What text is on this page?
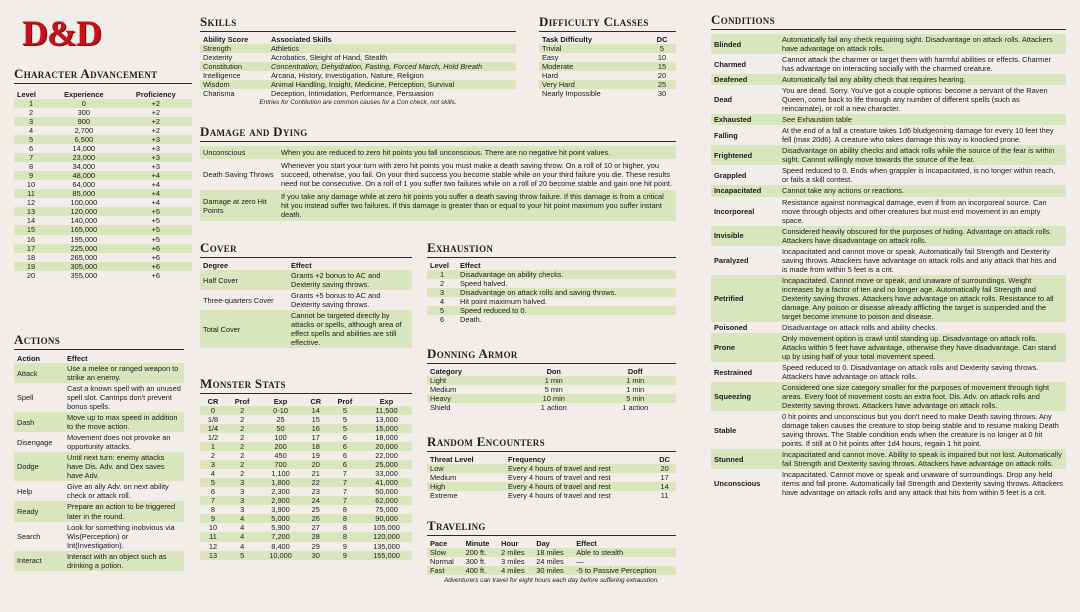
D&D
Character Advancement
Level	Experience	Proficiency
1	0	+2
2	300	+2
3	900	+2
4	2,700	+2
5	6,500	+3
6	14,000	+3
7	23,000	+3
8	34,000	+3
9	48,000	+4
10	64,000	+4
11	85,000	+4
12	100,000	+4
13	120,000	+5
14	140,000	+5
15	165,000	+5
16	195,000	+5
17	225,000	+6
18	265,000	+6
19	305,000	+6
20	355,000	+6
Actions
Action	Effect
Attack	Use a melee or ranged weapon to strike an enemy.
Spell	Cast a known spell with an unused spell slot. Cantrips don't prevent bonus spells.
Dash	Move up to max speed in addition to the move action.
Disengage	Movement does not provoke an opportunity attacks.
Dodge	Until next turn: enemy attacks have Dis. Adv. and Dex saves have Adv.
Help	Give an ally Adv. on next ability check or attack roll.
Ready	Prepare an action to be triggered later in the round.
Search	Look for something inobvious via Wis(Perception) or Int(Investigation).
Interact	Interact with an object such as drinking a potion.
Skills
Ability Score	Associated Skills
Strength	Athletics
Dexterity	Acrobatics, Sleight of Hand, Stealth
Constitution	Concentration, Dehydration, Fasting, Forced March, Hold Breath
Intelligence	Arcana, History, Investigation, Nature, Religion
Wisdom	Animal Handling, Insight, Medicine, Perception, Survival
Charisma	Deception, Intimidation, Performance, Persuasion
Entries for Contitution are common causes for a Con check, not skills.
Difficulty Classes
Task Difficulty	DC
Trivial	5
Easy	10
Moderate	15
Hard	20
Very Hard	25
Nearly Impossible	30
Damage and Dying
Unconscious	When you are reduced to zero hit points you fall unconscious. There are no negative hit point values.
Death Saving Throws	Whenever you start your turn with zero hit points you must make a death saving throw. On a roll of 10 or higher, you succeed, otherwise, you fail. On your third success you become stable while on your third failure you die. These results need not be consecutive. On a roll of 1 you suffer two failures while on a roll of 20 become stable and gain one hit point.
Damage at zero Hit Points	If you take any damage while at zero hit points you suffer a death saving throw failure. If this damage is from a critical hit you instead suffer two failures. If this damage is greater than or equal to your hit point maximum you suffer instant death.
Cover
Degree	Effect
Half Cover	Grants +2 bonus to AC and Dexterity saving throws.
Three-quarters Cover	Grants +5 bonus to AC and Dexterity saving throws.
Total Cover	Cannot be targeted directly by attacks or spells, although area of effect spells and abilities are still effective.
Exhaustion
Level	Effect
1	Disadvantage on ability checks.
2	Speed halved.
3	Disadvantage on attack rolls and saving throws.
4	Hit point maximum halved.
5	Speed reduced to 0.
6	Death.
Donning Armor
Category	Don	Doff
Light	1 min	1 min
Medium	5 min	1 min
Heavy	10 min	5 min
Shield	1 action	1 action
Monster Stats
CR	Prof	Exp	CR	Prof	Exp
0	2	0-10	14	5	11,500
1/8	2	25	15	5	13,000
1/4	2	50	16	5	15,000
1/2	2	100	17	6	18,000
1	2	200	18	6	20,000
2	2	450	19	6	22,000
3	2	700	20	6	25,000
4	2	1,100	21	7	33,000
5	3	1,800	22	7	41,000
6	3	2,300	23	7	50,000
7	3	2,900	24	7	62,000
8	3	3,900	25	8	75,000
9	4	5,000	26	8	90,000
10	4	5,900	27	8	105,000
11	4	7,200	28	8	120,000
12	4	8,400	29	9	135,000
13	5	10,000	30	9	155,000
Random Encounters
Threat Level	Frequency	DC
Low	Every 4 hours of travel and rest	20
Medium	Every 4 hours of travel and rest	17
High	Every 4 hours of travel and rest	14
Extreme	Every 4 hours of travel and rest	11
Traveling
Pace	Minute	Hour	Day	Effect
Slow	200 ft.	2 miles	18 miles	Able to stealth
Normal	300 ft.	3 miles	24 miles	—
Fast	400 ft.	4 miles	30 miles	-5 to Passive Perception
Adventurers can travel for eight hours each day before suffering exhaustion.
Conditions
Blinded	Automatically fail any check requiring sight. Disadvantage on attack rolls. Attackers have advantage on attack rolls.
Charmed	Cannot attack the charmer or target them with harmful abilities or effects. Charmer has advantage on interacting socially with the charmed creature.
Deafened	Automatically fail any ability check that requires hearing.
Dead	You are dead. Sorry. You've got a couple options: become a servant of the Raven Queen, come back to life through any number of different spells (such as reincarnate), or roll a new character.
Exhausted	See Exhaustion table
Falling	At the end of a fall a creature takes 1d6 bludgeoning damage for every 10 feet they fell (max 20d6). A creature who takes damage this way is knocked prone.
Frightened	Disadvantage on ability checks and attack rolls while the source of the fear is within sight. Cannot willingly move towards the source of the fear.
Grappled	Speed reduced to 0. Ends when grappler is incapacitated, is no longer within reach, or fails a skill contest.
Incapacitated	Cannot take any actions or reactions.
Incorporeal	Resistance against nonmagical damage, even if from an incorporeal source. Can move through objects and other creatures but must end movement in an empty space.
Invisible	Considered heavily obscured for the purposes of hiding. Advantage on attack rolls. Attackers have disadvantage on attack rolls.
Paralyzed	Incapacitated and cannot move or speak. Automatically fail Strength and Dexterity saving throws. Attackers have advantage on attack rolls and any attack that hits and is made from within 5 feet is a crit.
Petrified	Incapacitated. Cannot move or speak, and unaware of surroundings. Weight increases by a factor of ten and no longer age. Automatically fail Strength and Dexterity saving throws. Attackers have advantage on attack rolls. Resistance to all damage. Any poison or disease already afflicting the target is suspended and the target become immune to poison and disease.
Poisoned	Disadvantage on attack rolls and ability checks.
Prone	Only movement option is crawl until standing up. Disadvantage on attack rolls. Attacks within 5 feet have advantage, otherwise they have disadvantage. Can stand up by using half of your total movement speed.
Restrained	Speed reduced to 0. Disadvantage on attack rolls and Dexterity saving throws. Attackers have advantage on attack rolls.
Squeezing	Considered one size category smaller for the purposes of movement through tight areas. Every foot of movement costs an extra foot. Dis. Adv. on attack rolls and Dexterity saving throws. Attackers have advantage on attack rolls.
Stable	0 hit points and unconscious but you don't need to make Death saving throws. Any damage taken causes the creature to stop being stable and to resume making Death saving throws. The Stable condition ends when the creature is no longer at 0 hit points. If still at 0 hit points after 1d4 hours, regain 1 hit point.
Stunned	Incapacitated and cannot move. Ability to speak is impaired but not lost. Automatically fail Strength and Dexterity saving throws. Attackers have advantage on attack rolls.
Unconscious	Incapacitated. Cannot move or speak and unaware of surroundings. Drop any held items and fall prone. Automatically fail Strength and Dexterity saving throws. Attackers have advantage on attack rolls and any attack that hits from within 5 feet is a crit.
